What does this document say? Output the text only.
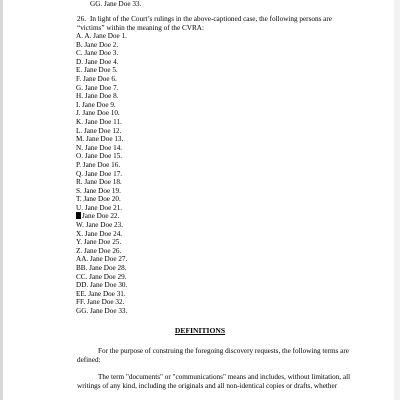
GG. Jane Doe 33.
26. In light of the Court’s rulings in the above-captioned case, the following persons are
“victims” within the meaning of the CVRA:
A. A. Jane Doe 1.
B. Jane Doe 2.
C. Jane Doe 3.
D. Jane Doe 4.
E. Jane Doe 5.
F. Jane Doe 6.
G. Jane Doe 7.
H. Jane Doe 8.
I. Jane Doe 9.
J. Jane Doe 10.
K. Jane Doe 11.
L. Jane Doe 12.
M. Jane Doe 13.
N. Jane Doe 14.
O. Jane Doe 15.
P. Jane Doe 16.
Q. Jane Doe 17.
R. Jane Doe 18.
S. Jane Doe 19.
T. Jane Doe 20.
U. Jane Doe 21.
Jane Doe 22.
W. Jane Doe 23.
X. Jane Doe 24.
Y. Jane Doe 25.
Z. Jane Doe 26.
AA. Jane Doe 27.
BB. Jane Doe 28.
CC. Jane Doe 29.
DD. Jane Doe 30.
EE. Jane Doe 31.
FF. Jane Doe 32.
GG. Jane Doe 33.
DEFINITIONS
For the purpose of construing the foregoing discovery requests, the following terms are
defined:
The term "documents" or "communications" means and includes, without limitation, all
writings of any kind, including the originals and all non-identical copies or drafts, whether
